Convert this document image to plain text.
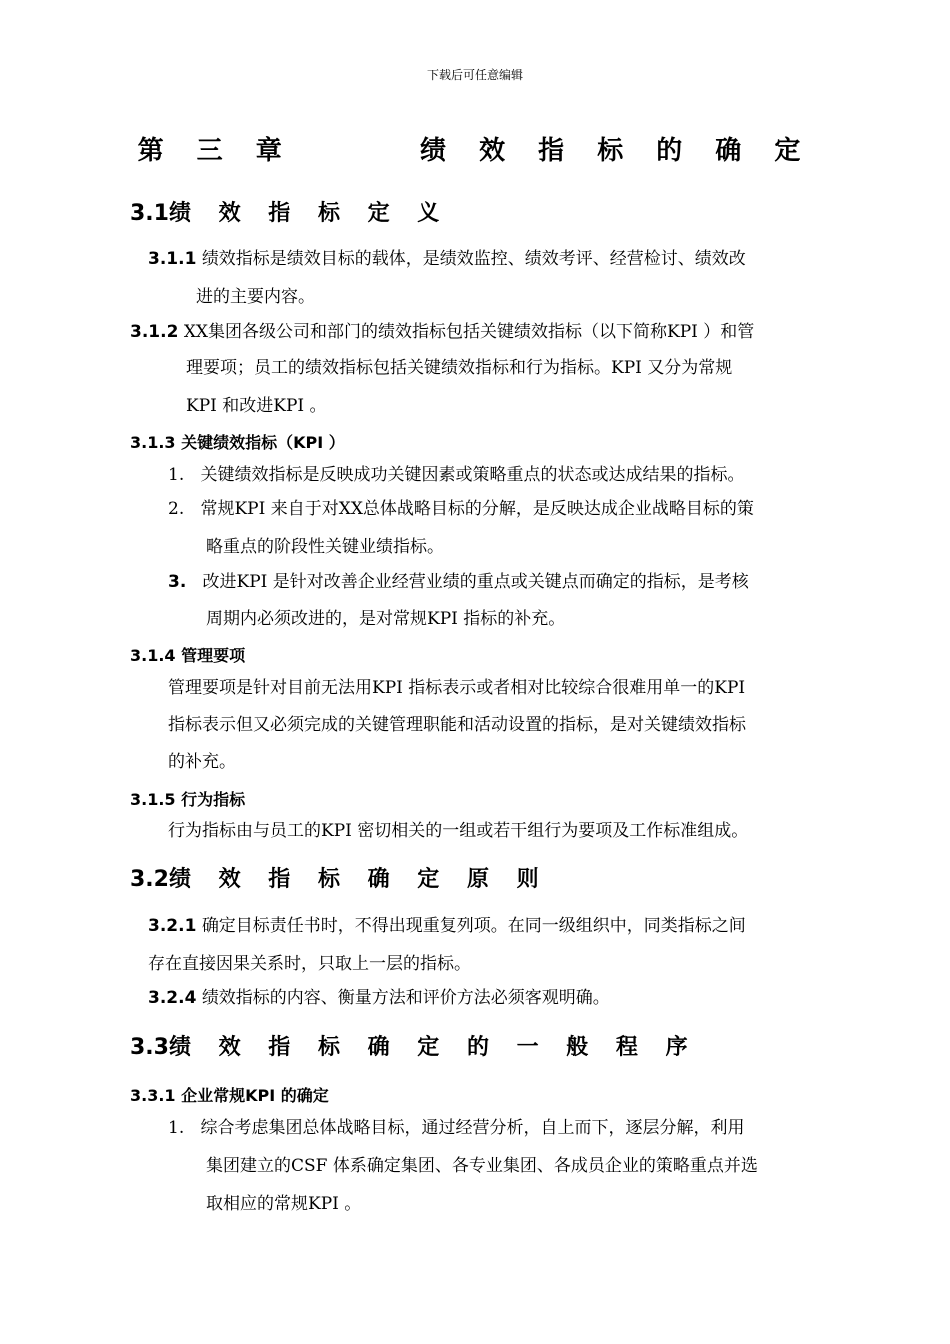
下载后可任意编辑
第 三 章      绩 效 指 标 的 确 定
3.1绩 效 指 标 定 义
3.1.1 绩效指标是绩效目标的载体，是绩效监控、绩效考评、经营检讨、绩效改
进的主要内容。
3.1.2 XX集团各级公司和部门的绩效指标包括关键绩效指标（以下简称KPI ）和管
理要项；员工的绩效指标包括关键绩效指标和行为指标。KPI 又分为常规
KPI 和改进KPI 。
3.1.3 关键绩效指标（KPI ）
1. 关键绩效指标是反映成功关键因素或策略重点的状态或达成结果的指标。
2. 常规KPI 来自于对XX总体战略目标的分解，是反映达成企业战略目标的策
略重点的阶段性关键业绩指标。
3. 改进KPI 是针对改善企业经营业绩的重点或关键点而确定的指标，是考核
周期内必须改进的，是对常规KPI 指标的补充。
3.1.4 管理要项
管理要项是针对目前无法用KPI 指标表示或者相对比较综合很难用单一的KPI
指标表示但又必须完成的关键管理职能和活动设置的指标，是对关键绩效指标
的补充。
3.1.5 行为指标
行为指标由与员工的KPI 密切相关的一组或若干组行为要项及工作标准组成。
3.2绩 效 指 标 确 定 原 则
3.2.1 确定目标责任书时，不得出现重复列项。在同一级组织中，同类指标之间
存在直接因果关系时，只取上一层的指标。
3.2.4 绩效指标的内容、衡量方法和评价方法必须客观明确。
3.3绩 效 指 标 确 定 的 一 般 程 序
3.3.1 企业常规KPI 的确定
1. 综合考虑集团总体战略目标，通过经营分析，自上而下，逐层分解，利用
集团建立的CSF 体系确定集团、各专业集团、各成员企业的策略重点并选
取相应的常规KPI 。
